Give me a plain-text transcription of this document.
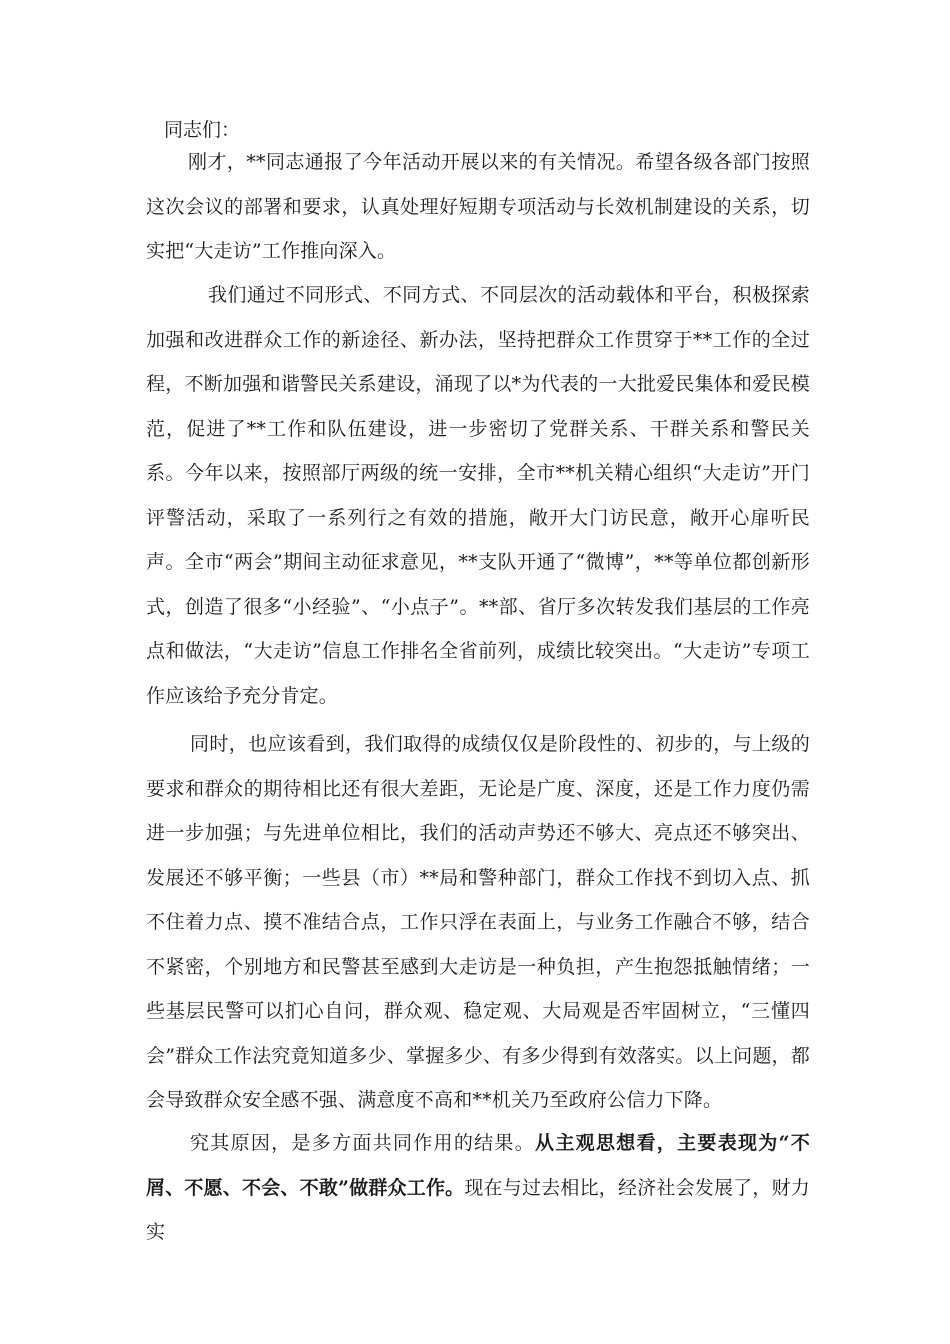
同志们：

刚才，**同志通报了今年活动开展以来的有关情况。希望各级各部门按照这次会议的部署和要求，认真处理好短期专项活动与长效机制建设的关系，切实把“大走访”工作推向深入。

我们通过不同形式、不同方式、不同层次的活动载体和平台，积极探索加强和改进群众工作的新途径、新办法，坚持把群众工作贯穿于**工作的全过程，不断加强和谐警民关系建设，涌现了以*为代表的一大批爱民集体和爱民模范，促进了**工作和队伍建设，进一步密切了党群关系、干群关系和警民关系。今年以来，按照部厅两级的统一安排，全市**机关精心组织“大走访”开门评警活动，采取了一系列行之有效的措施，敞开大门访民意，敞开心扉听民声。全市“两会”期间主动征求意见，**支队开通了“微博”，**等单位都创新形式，创造了很多“小经验”、“小点子”。**部、省厅多次转发我们基层的工作亮点和做法，“大走访”信息工作排名全省前列，成绩比较突出。“大走访”专项工作应该给予充分肯定。

同时，也应该看到，我们取得的成绩仅仅是阶段性的、初步的，与上级的要求和群众的期待相比还有很大差距，无论是广度、深度，还是工作力度仍需进一步加强；与先进单位相比，我们的活动声势还不够大、亮点还不够突出、发展还不够平衡；一些县（市）**局和警种部门，群众工作找不到切入点、抓不住着力点、摸不准结合点，工作只浮在表面上，与业务工作融合不够，结合不紧密，个别地方和民警甚至感到大走访是一种负担，产生抱怨抵触情绪；一些基层民警可以扪心自问，群众观、稳定观、大局观是否牢固树立，“三懂四会”群众工作法究竟知道多少、掌握多少、有多少得到有效落实。以上问题，都会导致群众安全感不强、满意度不高和**机关乃至政府公信力下降。

究其原因，是多方面共同作用的结果。从主观思想看，主要表现为“不屑、不愿、不会、不敢”做群众工作。现在与过去相比，经济社会发展了，财力实
